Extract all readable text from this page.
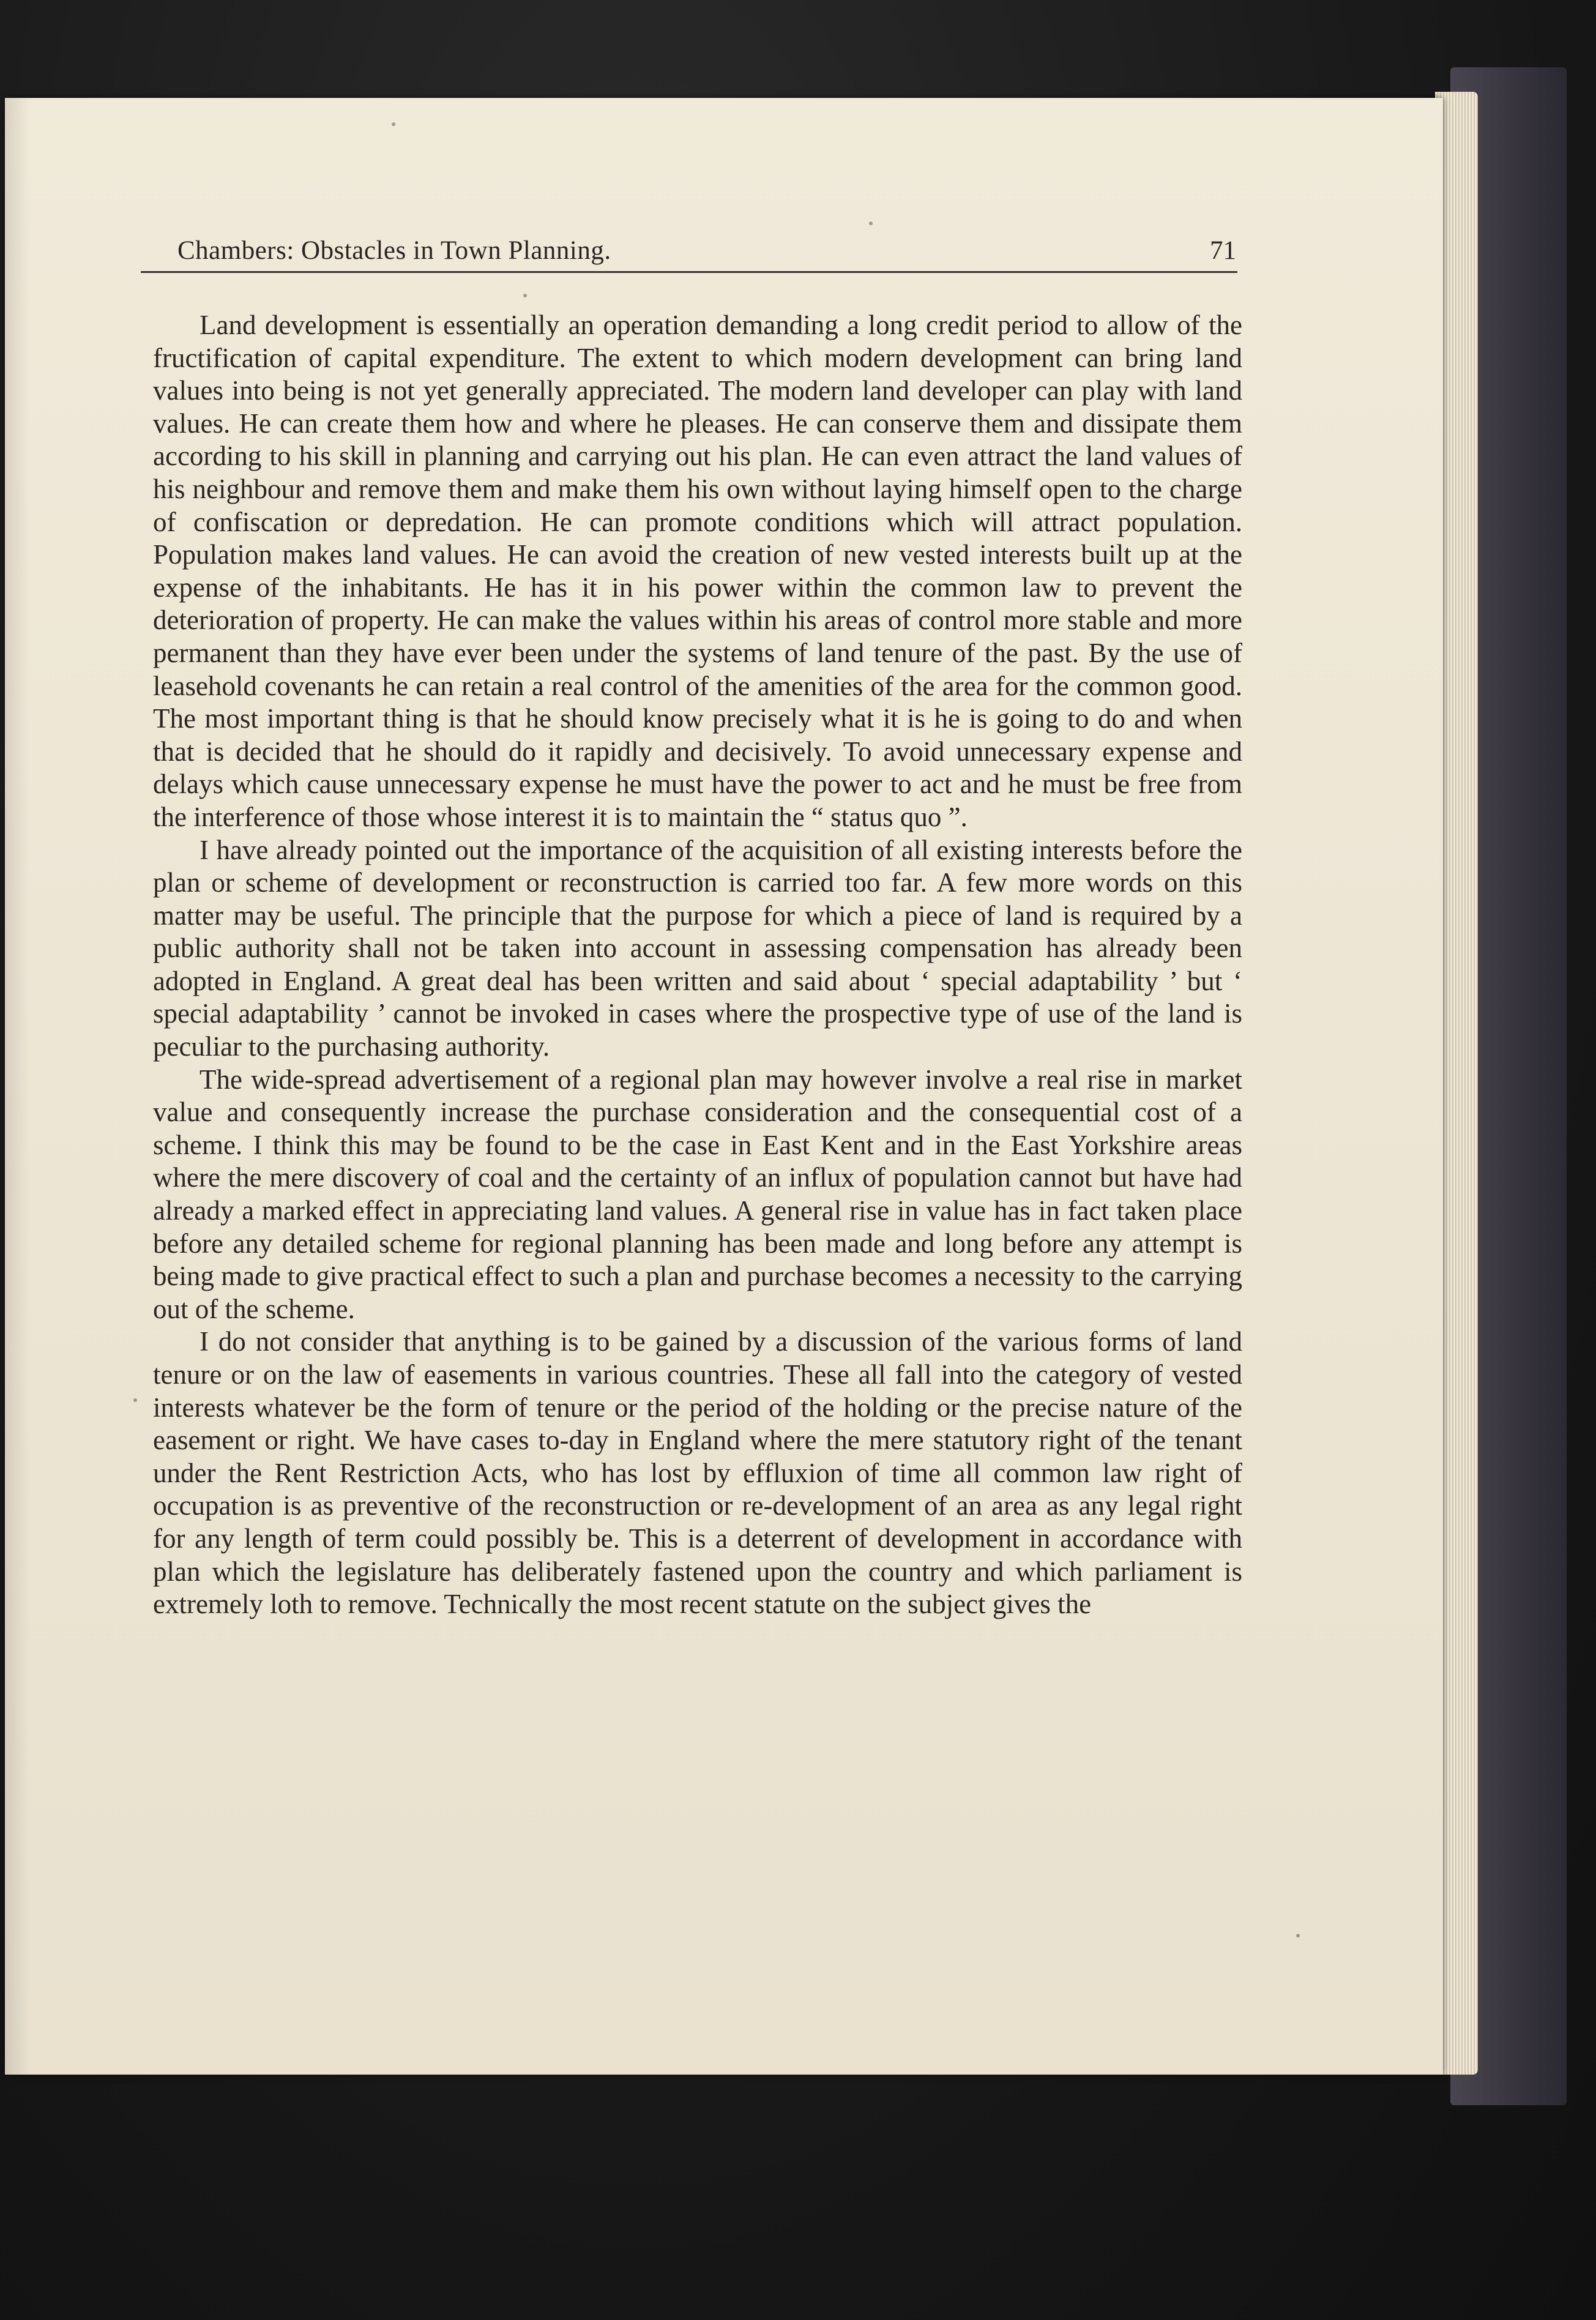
Chambers: Obstacles in Town Planning.	71

Land development is essentially an operation demanding a long credit period to allow of the fructification of capital expenditure. The extent to which modern development can bring land values into being is not yet generally appreciated. The modern land developer can play with land values. He can create them how and where he pleases. He can conserve them and dissipate them according to his skill in planning and carrying out his plan. He can even attract the land values of his neighbour and remove them and make them his own without laying himself open to the charge of confiscation or depredation. He can promote conditions which will attract population. Population makes land values. He can avoid the creation of new vested interests built up at the expense of the inhabitants. He has it in his power within the common law to prevent the deterioration of property. He can make the values within his areas of control more stable and more permanent than they have ever been under the systems of land tenure of the past. By the use of leasehold covenants he can retain a real control of the amenities of the area for the common good. The most important thing is that he should know precisely what it is he is going to do and when that is decided that he should do it rapidly and decisively. To avoid unnecessary expense and delays which cause unnecessary expense he must have the power to act and he must be free from the interference of those whose interest it is to maintain the “ status quo ”.

I have already pointed out the importance of the acquisition of all existing interests before the plan or scheme of development or reconstruction is carried too far. A few more words on this matter may be useful. The principle that the purpose for which a piece of land is required by a public authority shall not be taken into account in assessing compensation has already been adopted in England. A great deal has been written and said about ‘ special adaptability ’ but ‘ special adaptability ’ cannot be invoked in cases where the prospective type of use of the land is peculiar to the purchasing authority.

The wide-spread advertisement of a regional plan may however involve a real rise in market value and consequently increase the purchase consideration and the consequential cost of a scheme. I think this may be found to be the case in East Kent and in the East Yorkshire areas where the mere discovery of coal and the certainty of an influx of population cannot but have had already a marked effect in appreciating land values. A general rise in value has in fact taken place before any detailed scheme for regional planning has been made and long before any attempt is being made to give practical effect to such a plan and purchase becomes a necessity to the carrying out of the scheme.

I do not consider that anything is to be gained by a discussion of the various forms of land tenure or on the law of easements in various countries. These all fall into the category of vested interests whatever be the form of tenure or the period of the holding or the precise nature of the easement or right. We have cases to-day in England where the mere statutory right of the tenant under the Rent Restriction Acts, who has lost by effluxion of time all common law right of occupation is as preventive of the reconstruction or re-development of an area as any legal right for any length of term could possibly be. This is a deterrent of development in accordance with plan which the legislature has deliberately fastened upon the country and which parliament is extremely loth to remove. Technically the most recent statute on the subject gives the
